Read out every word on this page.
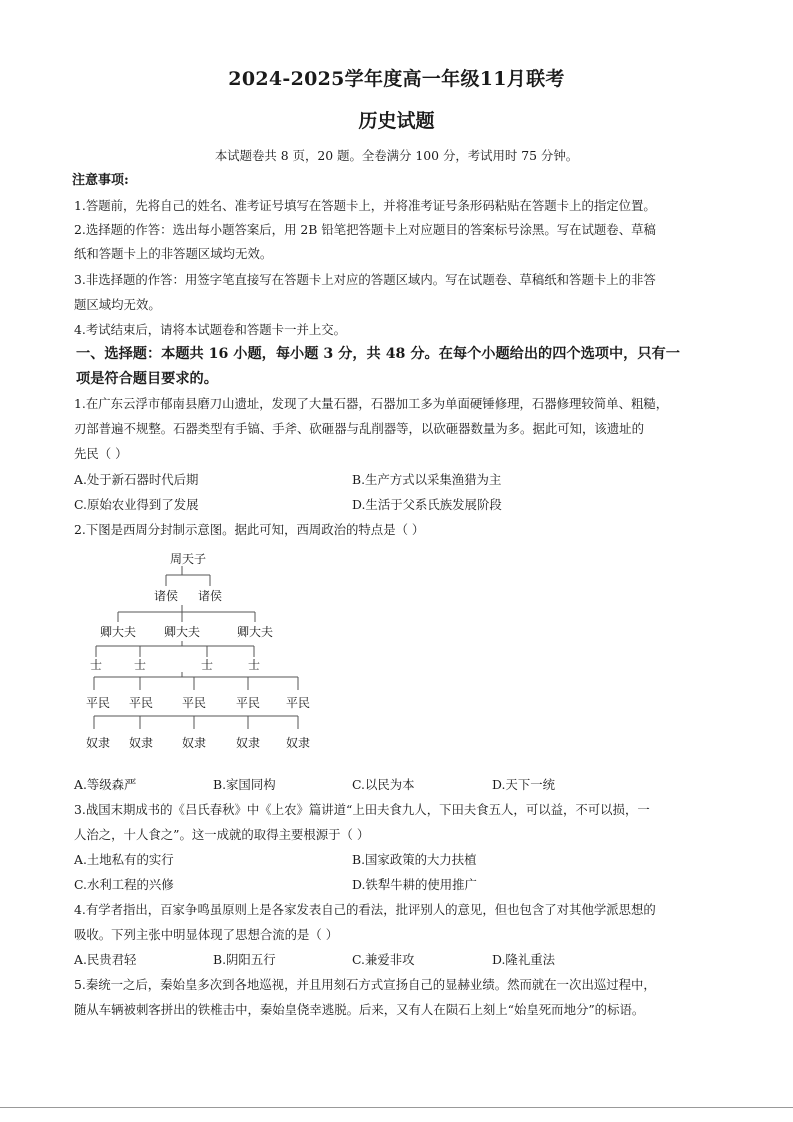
2024-2025学年度高一年级11月联考
历史试题
本试题卷共 8 页，20 题。全卷满分 100 分，考试用时 75 分钟。
注意事项:
1.答题前，先将自己的姓名、准考证号填写在答题卡上，并将准考证号条形码粘贴在答题卡上的指定位置。
2.选择题的作答：选出每小题答案后，用 2B 铅笔把答题卡上对应题目的答案标号涂黑。写在试题卷、草稿
纸和答题卡上的非答题区域均无效。
3.非选择题的作答：用签字笔直接写在答题卡上对应的答题区域内。写在试题卷、草稿纸和答题卡上的非答
题区域均无效。
4.考试结束后，请将本试题卷和答题卡一并上交。
一、选择题：本题共 16 小题，每小题 3 分，共 48 分。在每个小题给出的四个选项中，只有一
项是符合题目要求的。
1.在广东云浮市郁南县磨刀山遗址，发现了大量石器，石器加工多为单面硬锤修理，石器修理较简单、粗糙，
刃部普遍不规整。石器类型有手镐、手斧、砍砸器与乱削器等，以砍砸器数量为多。据此可知，该遗址的
先民（ ）
A.处于新石器时代后期	B.生产方式以采集渔猎为主
C.原始农业得到了发展	D.生活于父系氏族发展阶段
2.下图是西周分封制示意图。据此可知，西周政治的特点是（ ）
周天子
诸侯 诸侯
卿大夫 卿大夫	卿大夫
士	士	士	士
平民 平民 平民 平民 平民
奴隶 奴隶 奴隶 奴隶 奴隶
A.等级森严	B.家国同构	C.以民为本	D.天下一统
3.战国末期成书的《吕氏春秋》中《上农》篇讲道“上田夫食九人，下田夫食五人，可以益，不可以损，一
人治之，十人食之”。这一成就的取得主要根源于（ ）
A.土地私有的实行	B.国家政策的大力扶植
C.水利工程的兴修	D.铁犁牛耕的使用推广
4.有学者指出，百家争鸣虽原则上是各家发表自己的看法，批评别人的意见，但也包含了对其他学派思想的
吸收。下列主张中明显体现了思想合流的是（ ）
A.民贵君轻	B.阴阳五行	C.兼爱非攻	D.隆礼重法
5.秦统一之后，秦始皇多次到各地巡视，并且用刻石方式宣扬自己的显赫业绩。然而就在一次出巡过程中，
随从车辆被刺客拼出的铁椎击中，秦始皇侥幸逃脱。后来，又有人在陨石上刻上“始皇死而地分”的标语。
